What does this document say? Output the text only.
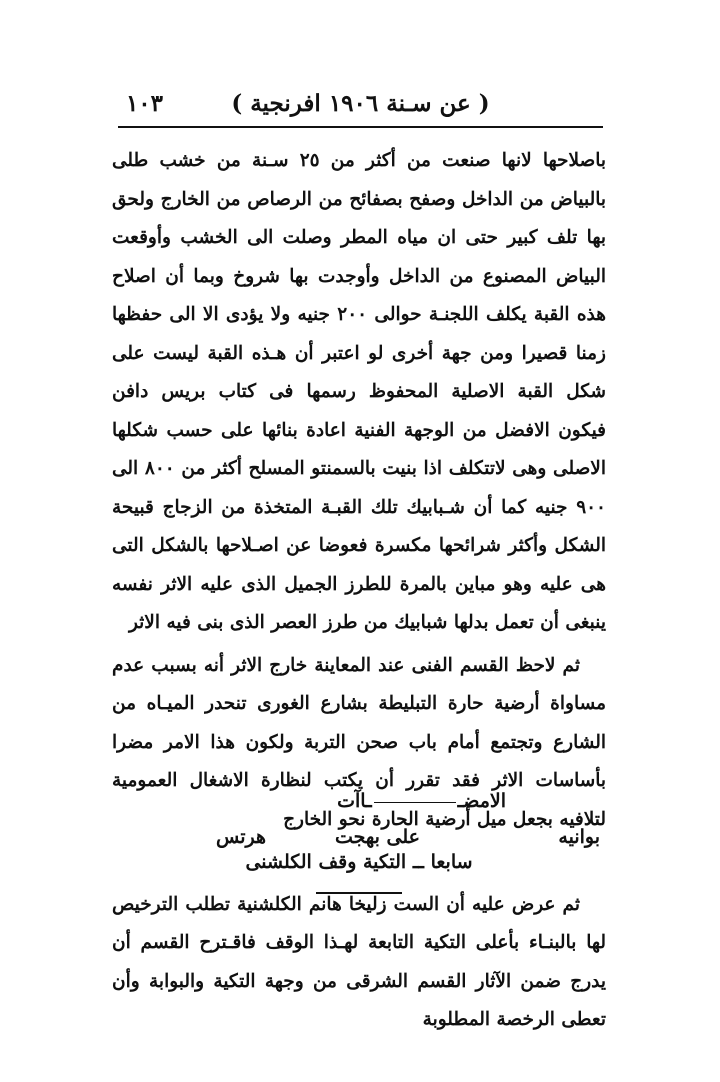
( عن سـنة ١٩٠٦ افرنجية )
١٠٣

باصلاحها لانها صنعت من أكثر من ٢٥ سـنة من خشب طلى بالبياض من الداخل وصفح بصفائح من الرصاص من الخارج ولحق بها تلف كبير حتى ان مياه المطر وصلت الى الخشب وأوقعت البياض المصنوع من الداخل وأوجدت بها شروخ وبما أن اصلاح هذه القبة يكلف اللجنـة حوالى ٢٠٠ جنيه ولا يؤدى الا الى حفظها زمنا قصيرا ومن جهة أخرى لو اعتبر أن هـذه القبة ليست على شكل القبة الاصلية المحفوظ رسمها فى كتاب بريس دافن فيكون الافضل من الوجهة الفنية اعادة بنائها على حسب شكلها الاصلى وهى لاتتكلف اذا بنيت بالسمنتو المسلح أكثر من ٨٠٠ الى ٩٠٠ جنيه كما أن شـبابيك تلك القبـة المتخذة من الزجاج قبيحة الشكل وأكثر شرائحها مكسرة فعوضا عن اصـلاحها بالشكل التى هى عليه وهو مباين بالمرة للطرز الجميل الذى عليه الاثر نفسه ينبغى أن تعمل بدلها شبابيك من طرز العصر الذى بنى فيه الاثر

ثم لاحظ القسم الفنى عند المعاينة خارج الاثر أنه بسبب عدم مساواة أرضية حارة التبليطة بشارع الغورى تنحدر الميـاه من الشارع وتجتمع أمام باب صحن التربة ولكون هذا الامر مضرا بأساسات الاثر فقد تقرر أن يكتب لنظارة الاشغال العمومية لتلافيه بجعل ميل أرضية الحارة نحو الخارج

سابعا ــ التكية وقف الكلشنى

ثم عرض عليه أن الست زليخا هانم الكلشنية تطلب الترخيص لها بالبنـاء بأعلى التكية التابعة لهـذا الوقف فاقـترح القسم أن يدرج ضمن الآثار القسم الشرقى من وجهة التكية والبوابة وأن تعطى الرخصة المطلوبة

الامضــاآت
بوانيه
على بهجت
هرتس
